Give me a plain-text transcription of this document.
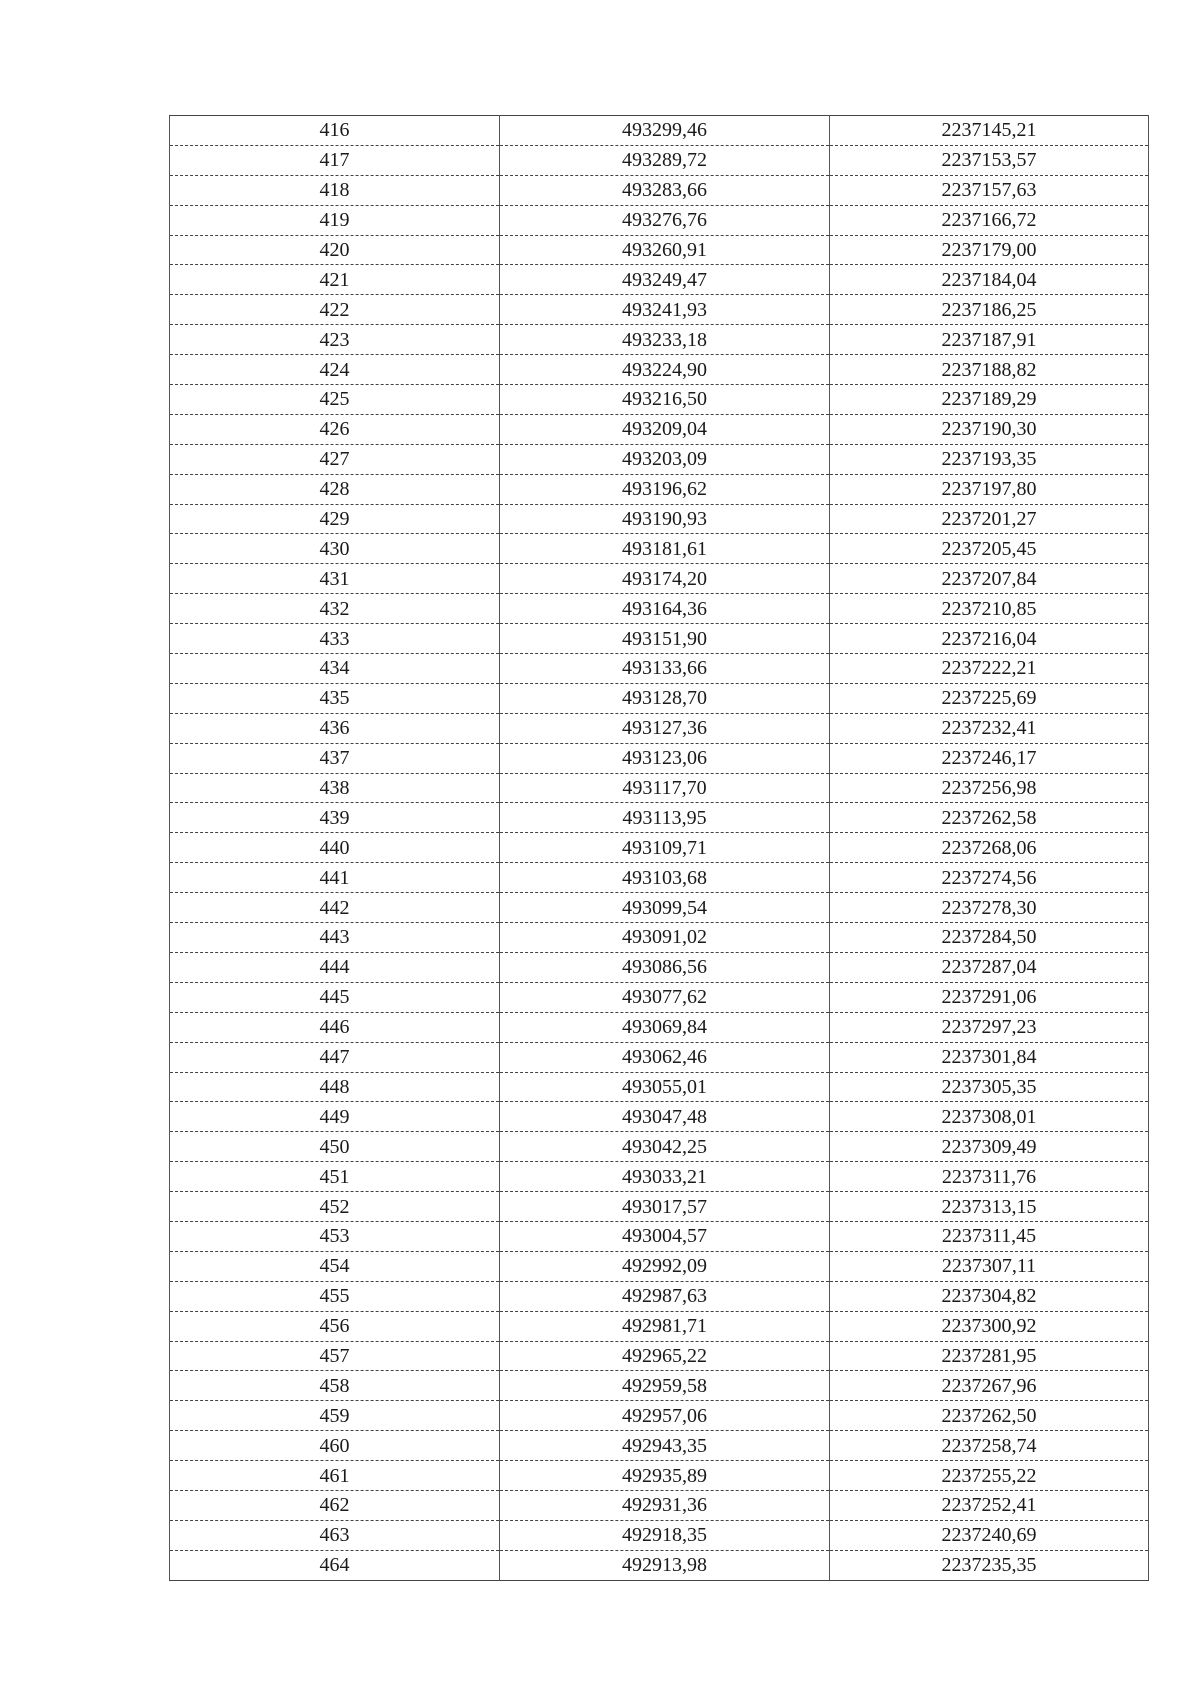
416	493299,46	2237145,21
417	493289,72	2237153,57
418	493283,66	2237157,63
419	493276,76	2237166,72
420	493260,91	2237179,00
421	493249,47	2237184,04
422	493241,93	2237186,25
423	493233,18	2237187,91
424	493224,90	2237188,82
425	493216,50	2237189,29
426	493209,04	2237190,30
427	493203,09	2237193,35
428	493196,62	2237197,80
429	493190,93	2237201,27
430	493181,61	2237205,45
431	493174,20	2237207,84
432	493164,36	2237210,85
433	493151,90	2237216,04
434	493133,66	2237222,21
435	493128,70	2237225,69
436	493127,36	2237232,41
437	493123,06	2237246,17
438	493117,70	2237256,98
439	493113,95	2237262,58
440	493109,71	2237268,06
441	493103,68	2237274,56
442	493099,54	2237278,30
443	493091,02	2237284,50
444	493086,56	2237287,04
445	493077,62	2237291,06
446	493069,84	2237297,23
447	493062,46	2237301,84
448	493055,01	2237305,35
449	493047,48	2237308,01
450	493042,25	2237309,49
451	493033,21	2237311,76
452	493017,57	2237313,15
453	493004,57	2237311,45
454	492992,09	2237307,11
455	492987,63	2237304,82
456	492981,71	2237300,92
457	492965,22	2237281,95
458	492959,58	2237267,96
459	492957,06	2237262,50
460	492943,35	2237258,74
461	492935,89	2237255,22
462	492931,36	2237252,41
463	492918,35	2237240,69
464	492913,98	2237235,35
